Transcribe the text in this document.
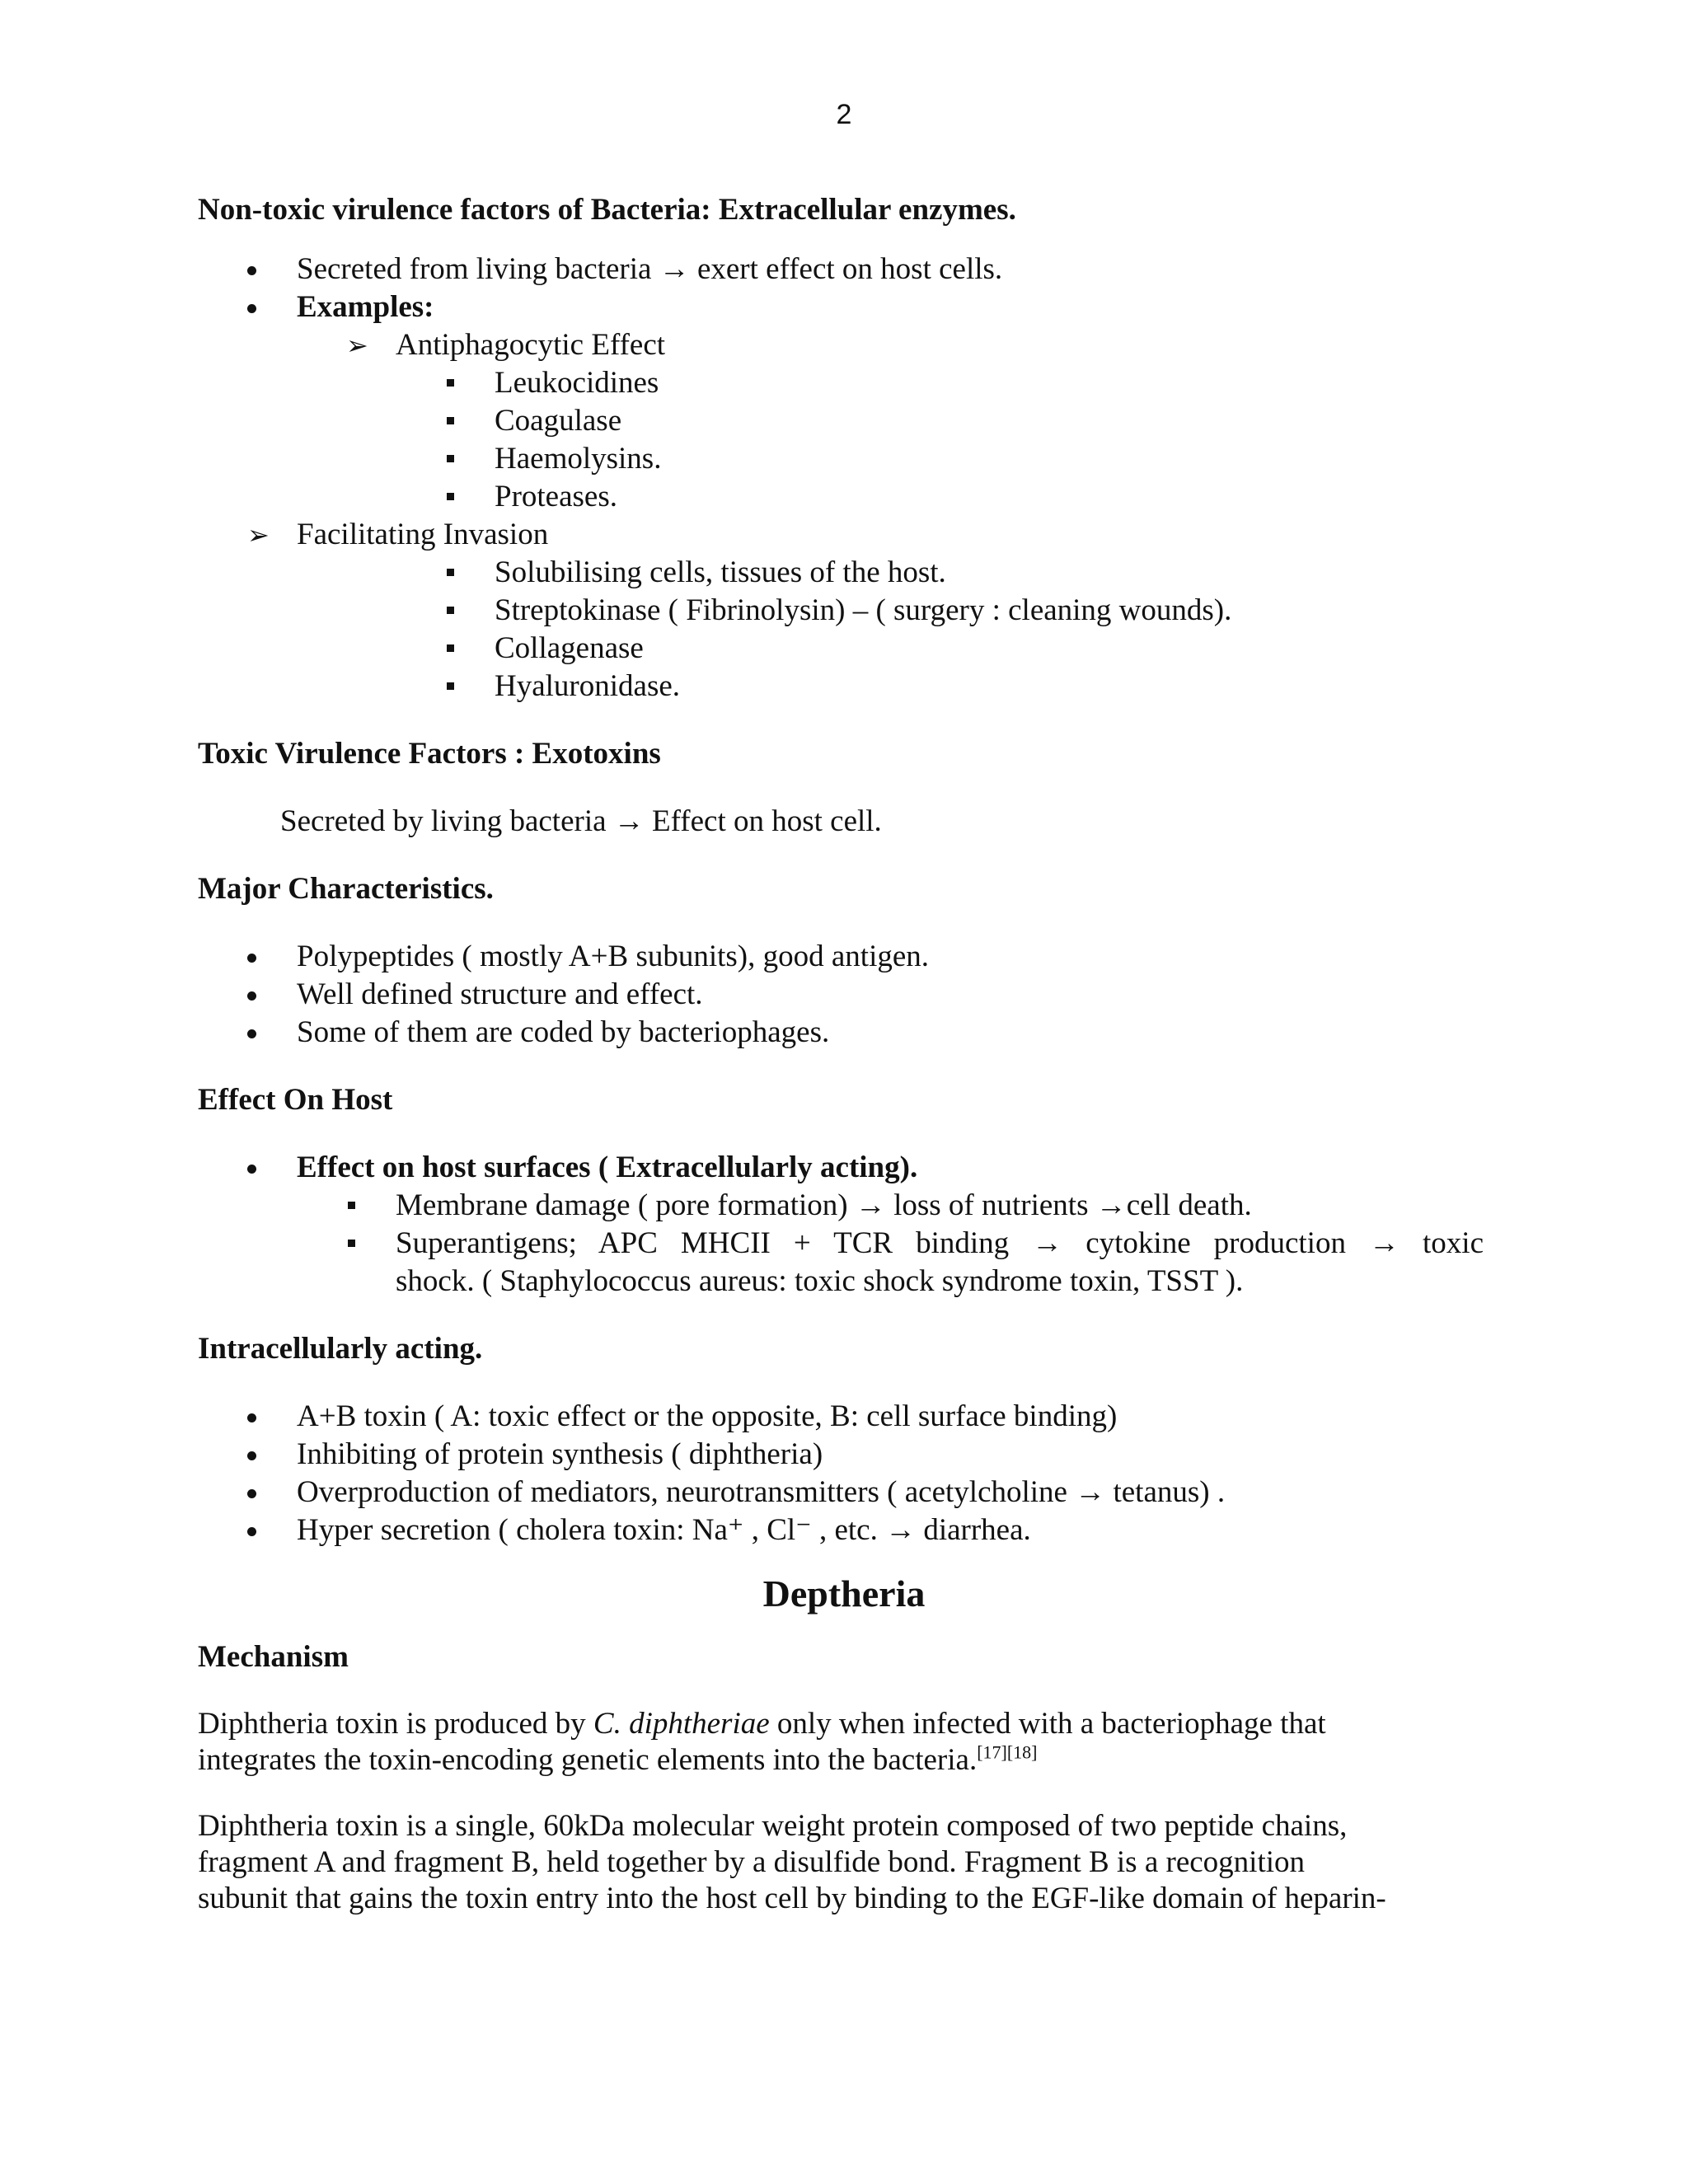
2
Non-toxic virulence factors of Bacteria: Extracellular enzymes.
Secreted from living bacteria → exert effect on host cells.
Examples:
➢ Antiphagocytic Effect
Leukocidines
Coagulase
Haemolysins.
Proteases.
➢ Facilitating Invasion
Solubilising cells, tissues of the host.
Streptokinase ( Fibrinolysin) – ( surgery : cleaning wounds).
Collagenase
Hyaluronidase.
Toxic Virulence Factors : Exotoxins
Secreted by living bacteria → Effect on host cell.
Major Characteristics.
Polypeptides ( mostly A+B subunits), good antigen.
Well defined structure and effect.
Some of them are coded by bacteriophages.
Effect On Host
Effect on host surfaces ( Extracellularly acting).
Membrane damage ( pore formation) → loss of nutrients →cell death.
Superantigens; APC MHCII + TCR binding → cytokine production → toxic
shock. ( Staphylococcus aureus: toxic shock syndrome toxin, TSST ).
Intracellularly acting.
A+B toxin ( A: toxic effect or the opposite, B: cell surface binding)
Inhibiting of protein synthesis ( diphtheria)
Overproduction of mediators, neurotransmitters ( acetylcholine → tetanus) .
Hyper secretion ( cholera toxin: Na⁺ , Cl⁻ , etc. → diarrhea.
Deptheria
Mechanism
Diphtheria toxin is produced by C. diphtheriae only when infected with a bacteriophage that
integrates the toxin-encoding genetic elements into the bacteria.[17][18]
Diphtheria toxin is a single, 60kDa molecular weight protein composed of two peptide chains,
fragment A and fragment B, held together by a disulfide bond. Fragment B is a recognition
subunit that gains the toxin entry into the host cell by binding to the EGF-like domain of heparin-
